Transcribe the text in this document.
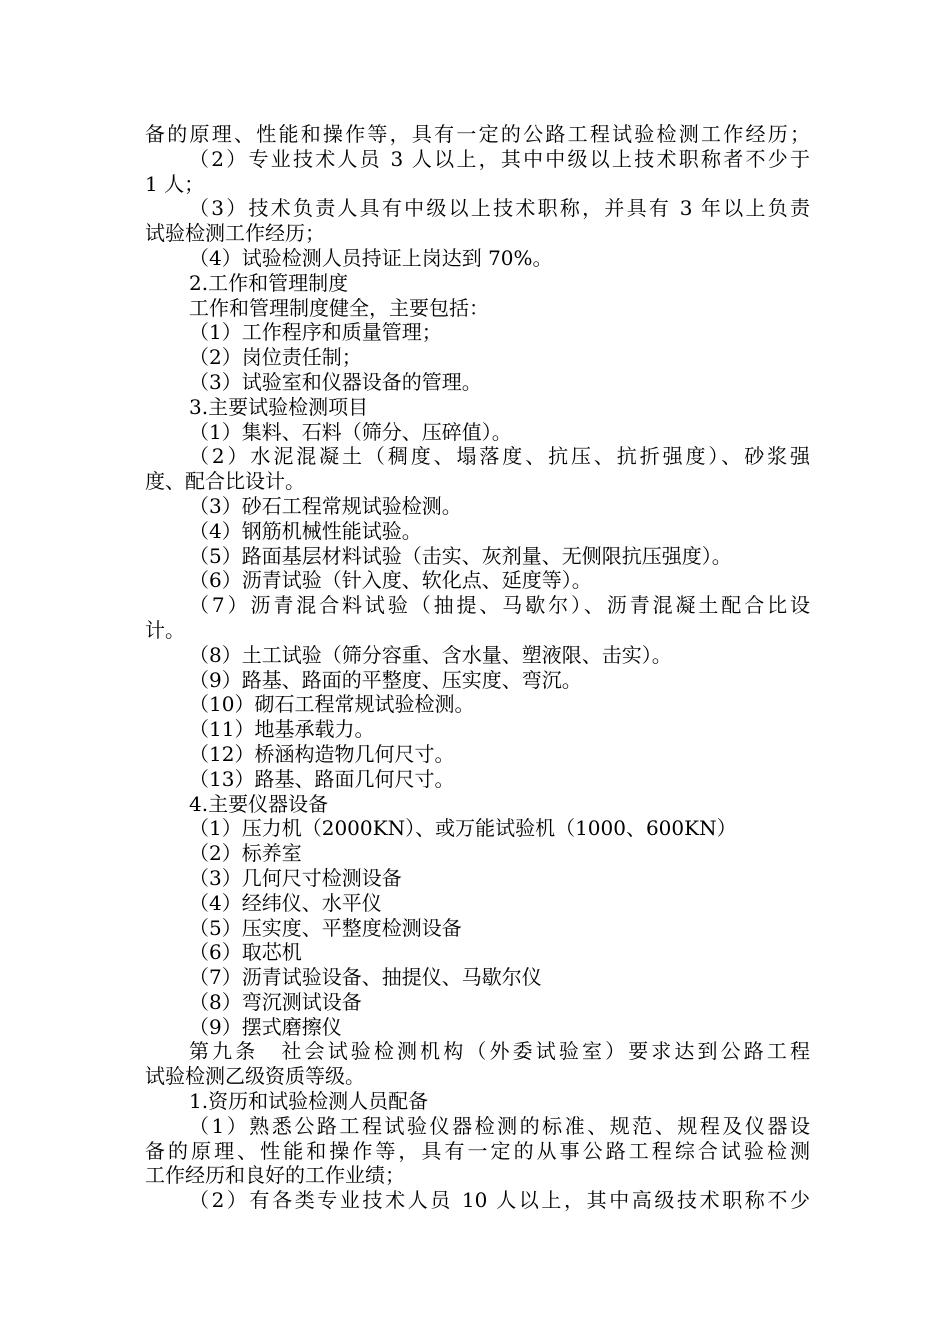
备的原理、性能和操作等，具有一定的公路工程试验检测工作经历；
（2）专业技术人员 3 人以上，其中中级以上技术职称者不少于
1 人；
（3）技术负责人具有中级以上技术职称，并具有 3 年以上负责
试验检测工作经历；
（4）试验检测人员持证上岗达到 70%。
2.工作和管理制度
工作和管理制度健全，主要包括：
（1）工作程序和质量管理；
（2）岗位责任制；
（3）试验室和仪器设备的管理。
3.主要试验检测项目
（1）集料、石料（筛分、压碎值）。
（2）水泥混凝土（稠度、塌落度、抗压、抗折强度）、砂浆强
度、配合比设计。
（3）砂石工程常规试验检测。
（4）钢筋机械性能试验。
（5）路面基层材料试验（击实、灰剂量、无侧限抗压强度）。
（6）沥青试验（针入度、软化点、延度等）。
（7）沥青混合料试验（抽提、马歇尔）、沥青混凝土配合比设
计。
（8）土工试验（筛分容重、含水量、塑液限、击实）。
（9）路基、路面的平整度、压实度、弯沉。
（10）砌石工程常规试验检测。
（11）地基承载力。
（12）桥涵构造物几何尺寸。
（13）路基、路面几何尺寸。
4.主要仪器设备
（1）压力机（2000KN）、或万能试验机（1000、600KN）
（2）标养室
（3）几何尺寸检测设备
（4）经纬仪、水平仪
（5）压实度、平整度检测设备
（6）取芯机
（7）沥青试验设备、抽提仪、马歇尔仪
（8）弯沉测试设备
（9）摆式磨擦仪
第九条　社会试验检测机构（外委试验室）要求达到公路工程
试验检测乙级资质等级。
1.资历和试验检测人员配备
（1）熟悉公路工程试验仪器检测的标准、规范、规程及仪器设
备的原理、性能和操作等，具有一定的从事公路工程综合试验检测
工作经历和良好的工作业绩；
（2）有各类专业技术人员 10 人以上，其中高级技术职称不少
